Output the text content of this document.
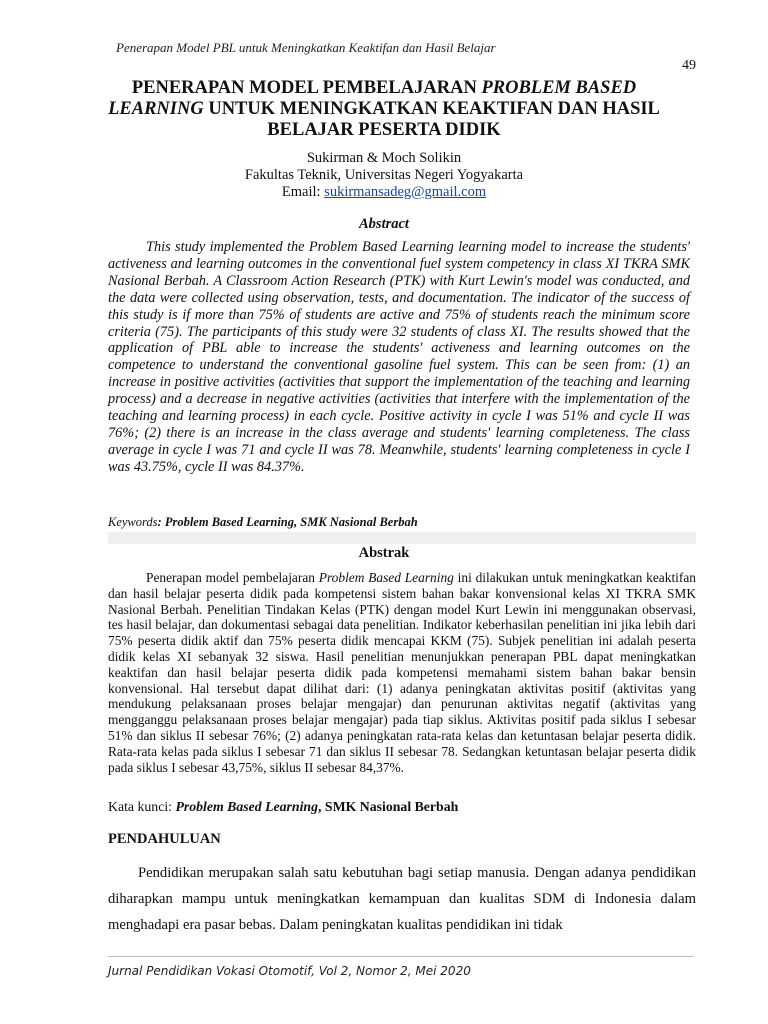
Penerapan Model PBL untuk Meningkatkan Keaktifan dan Hasil Belajar
49
PENERAPAN MODEL PEMBELAJARAN PROBLEM BASED LEARNING UNTUK MENINGKATKAN KEAKTIFAN DAN HASIL BELAJAR PESERTA DIDIK
Sukirman & Moch Solikin
Fakultas Teknik, Universitas Negeri Yogyakarta
Email: sukirmansadeg@gmail.com
Abstract

This study implemented the Problem Based Learning learning model to increase the students' activeness and learning outcomes in the conventional fuel system competency in class XI TKRA SMK Nasional Berbah. A Classroom Action Research (PTK) with Kurt Lewin's model was conducted, and the data were collected using observation, tests, and documentation. The indicator of the success of this study is if more than 75% of students are active and 75% of students reach the minimum score criteria (75). The participants of this study were 32 students of class XI. The results showed that the application of PBL able to increase the students' activeness and learning outcomes on the competence to understand the conventional gasoline fuel system. This can be seen from: (1) an increase in positive activities (activities that support the implementation of the teaching and learning process) and a decrease in negative activities (activities that interfere with the implementation of the teaching and learning process) in each cycle. Positive activity in cycle I was 51% and cycle II was 76%; (2) there is an increase in the class average and students' learning completeness. The class average in cycle I was 71 and cycle II was 78. Meanwhile, students' learning completeness in cycle I was 43.75%, cycle II was 84.37%.

Keywords: Problem Based Learning, SMK Nasional Berbah
Abstrak

Penerapan model pembelajaran Problem Based Learning ini dilakukan untuk meningkatkan keaktifan dan hasil belajar peserta didik pada kompetensi sistem bahan bakar konvensional kelas XI TKRA SMK Nasional Berbah. Penelitian Tindakan Kelas (PTK) dengan model Kurt Lewin ini menggunakan observasi, tes hasil belajar, dan dokumentasi sebagai data penelitian. Indikator keberhasilan penelitian ini jika lebih dari 75% peserta didik aktif dan 75% peserta didik mencapai KKM (75). Subjek penelitian ini adalah peserta didik kelas XI sebanyak 32 siswa. Hasil penelitian menunjukkan penerapan PBL dapat meningkatkan keaktifan dan hasil belajar peserta didik pada kompetensi memahami sistem bahan bakar bensin konvensional. Hal tersebut dapat dilihat dari: (1) adanya peningkatan aktivitas positif (aktivitas yang mendukung pelaksanaan proses belajar mengajar) dan penurunan aktivitas negatif (aktivitas yang mengganggu pelaksanaan proses belajar mengajar) pada tiap siklus. Aktivitas positif pada siklus I sebesar 51% dan siklus II sebesar 76%; (2) adanya peningkatan rata-rata kelas dan ketuntasan belajar peserta didik. Rata-rata kelas pada siklus I sebesar 71 dan siklus II sebesar 78. Sedangkan ketuntasan belajar peserta didik pada siklus I sebesar 43,75%, siklus II sebesar 84,37%.

Kata kunci: Problem Based Learning, SMK Nasional Berbah
PENDAHULUAN

Pendidikan merupakan salah satu kebutuhan bagi setiap manusia. Dengan adanya pendidikan diharapkan mampu untuk meningkatkan kemampuan dan kualitas SDM di Indonesia dalam menghadapi era pasar bebas. Dalam peningkatan kualitas pendidikan ini tidak

Jurnal Pendidikan Vokasi Otomotif, Vol 2, Nomor 2, Mei 2020
